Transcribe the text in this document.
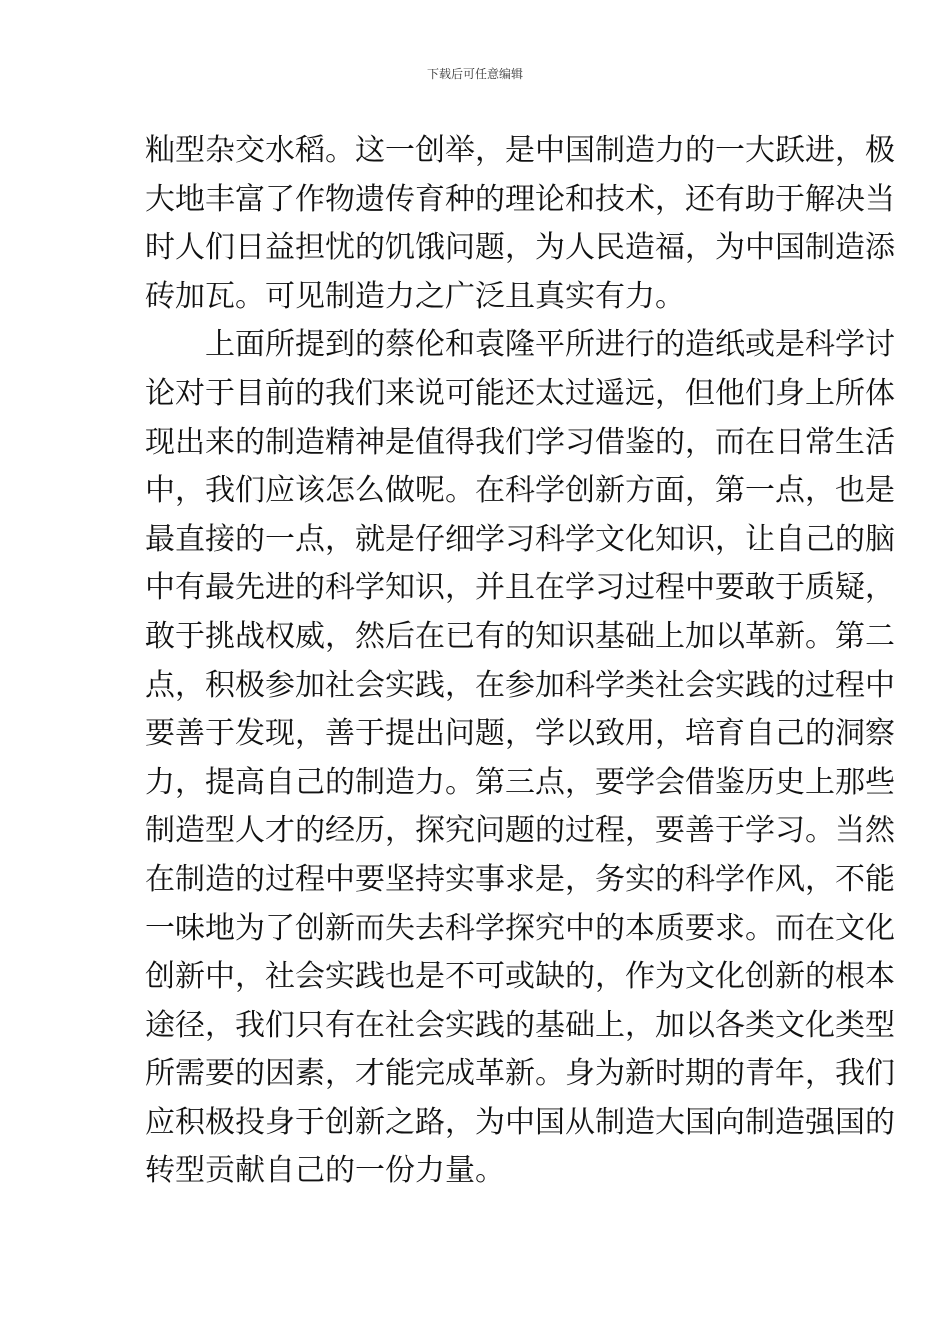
下载后可任意编辑
籼型杂交水稻。这一创举，是中国制造力的一大跃进，极
大地丰富了作物遗传育种的理论和技术，还有助于解决当
时人们日益担忧的饥饿问题，为人民造福，为中国制造添
砖加瓦。可见制造力之广泛且真实有力。
　　上面所提到的蔡伦和袁隆平所进行的造纸或是科学讨
论对于目前的我们来说可能还太过遥远，但他们身上所体
现出来的制造精神是值得我们学习借鉴的，而在日常生活
中，我们应该怎么做呢。在科学创新方面，第一点，也是
最直接的一点，就是仔细学习科学文化知识，让自己的脑
中有最先进的科学知识，并且在学习过程中要敢于质疑，
敢于挑战权威，然后在已有的知识基础上加以革新。第二
点，积极参加社会实践，在参加科学类社会实践的过程中
要善于发现，善于提出问题，学以致用，培育自己的洞察
力，提高自己的制造力。第三点，要学会借鉴历史上那些
制造型人才的经历，探究问题的过程，要善于学习。当然
在制造的过程中要坚持实事求是，务实的科学作风，不能
一味地为了创新而失去科学探究中的本质要求。而在文化
创新中，社会实践也是不可或缺的，作为文化创新的根本
途径，我们只有在社会实践的基础上，加以各类文化类型
所需要的因素，才能完成革新。身为新时期的青年，我们
应积极投身于创新之路，为中国从制造大国向制造强国的
转型贡献自己的一份力量。
